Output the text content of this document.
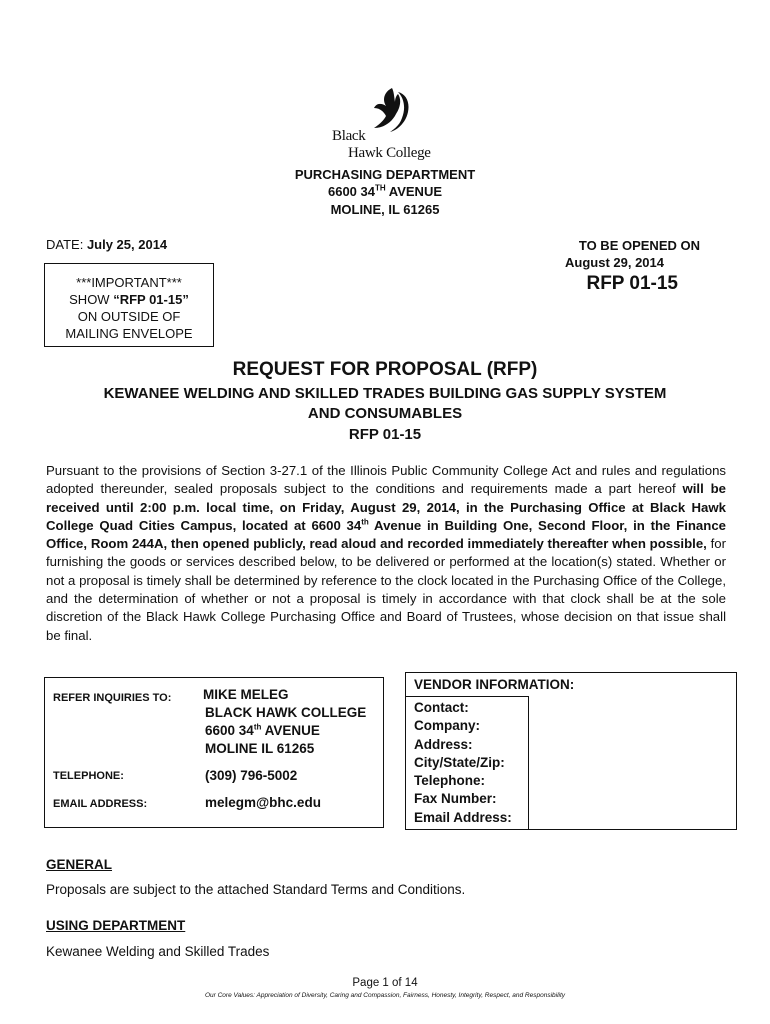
Black
Hawk College
PURCHASING DEPARTMENT
6600 34TH AVENUE
MOLINE, IL 61265
DATE: July 25, 2014	TO BE OPENED ON
August 29, 2014
RFP 01-15
***IMPORTANT***
SHOW “RFP 01-15”
ON OUTSIDE OF
MAILING ENVELOPE
REQUEST FOR PROPOSAL (RFP)
KEWANEE WELDING AND SKILLED TRADES BUILDING GAS SUPPLY SYSTEM
AND CONSUMABLES
RFP 01-15
Pursuant to the provisions of Section 3-27.1 of the Illinois Public Community College Act and rules and regulations adopted thereunder, sealed proposals subject to the conditions and requirements made a part hereof will be received until 2:00 p.m. local time, on Friday, August 29, 2014, in the Purchasing Office at Black Hawk College Quad Cities Campus, located at 6600 34th Avenue in Building One, Second Floor, in the Finance Office, Room 244A, then opened publicly, read aloud and recorded immediately thereafter when possible, for furnishing the goods or services described below, to be delivered or performed at the location(s) stated. Whether or not a proposal is timely shall be determined by reference to the clock located in the Purchasing Office of the College, and the determination of whether or not a proposal is timely in accordance with that clock shall be at the sole discretion of the Black Hawk College Purchasing Office and Board of Trustees, whose decision on that issue shall be final.
REFER INQUIRIES TO: MIKE MELEG
BLACK HAWK COLLEGE
6600 34th AVENUE
MOLINE IL 61265
TELEPHONE:	(309) 796-5002
EMAIL ADDRESS:	melegm@bhc.edu
VENDOR INFORMATION:
Contact:
Company:
Address:
City/State/Zip:
Telephone:
Fax Number:
Email Address:
GENERAL
Proposals are subject to the attached Standard Terms and Conditions.
USING DEPARTMENT
Kewanee Welding and Skilled Trades
Page 1 of 14
Our Core Values: Appreciation of Diversity, Caring and Compassion, Fairness, Honesty, Integrity, Respect, and Responsibility
